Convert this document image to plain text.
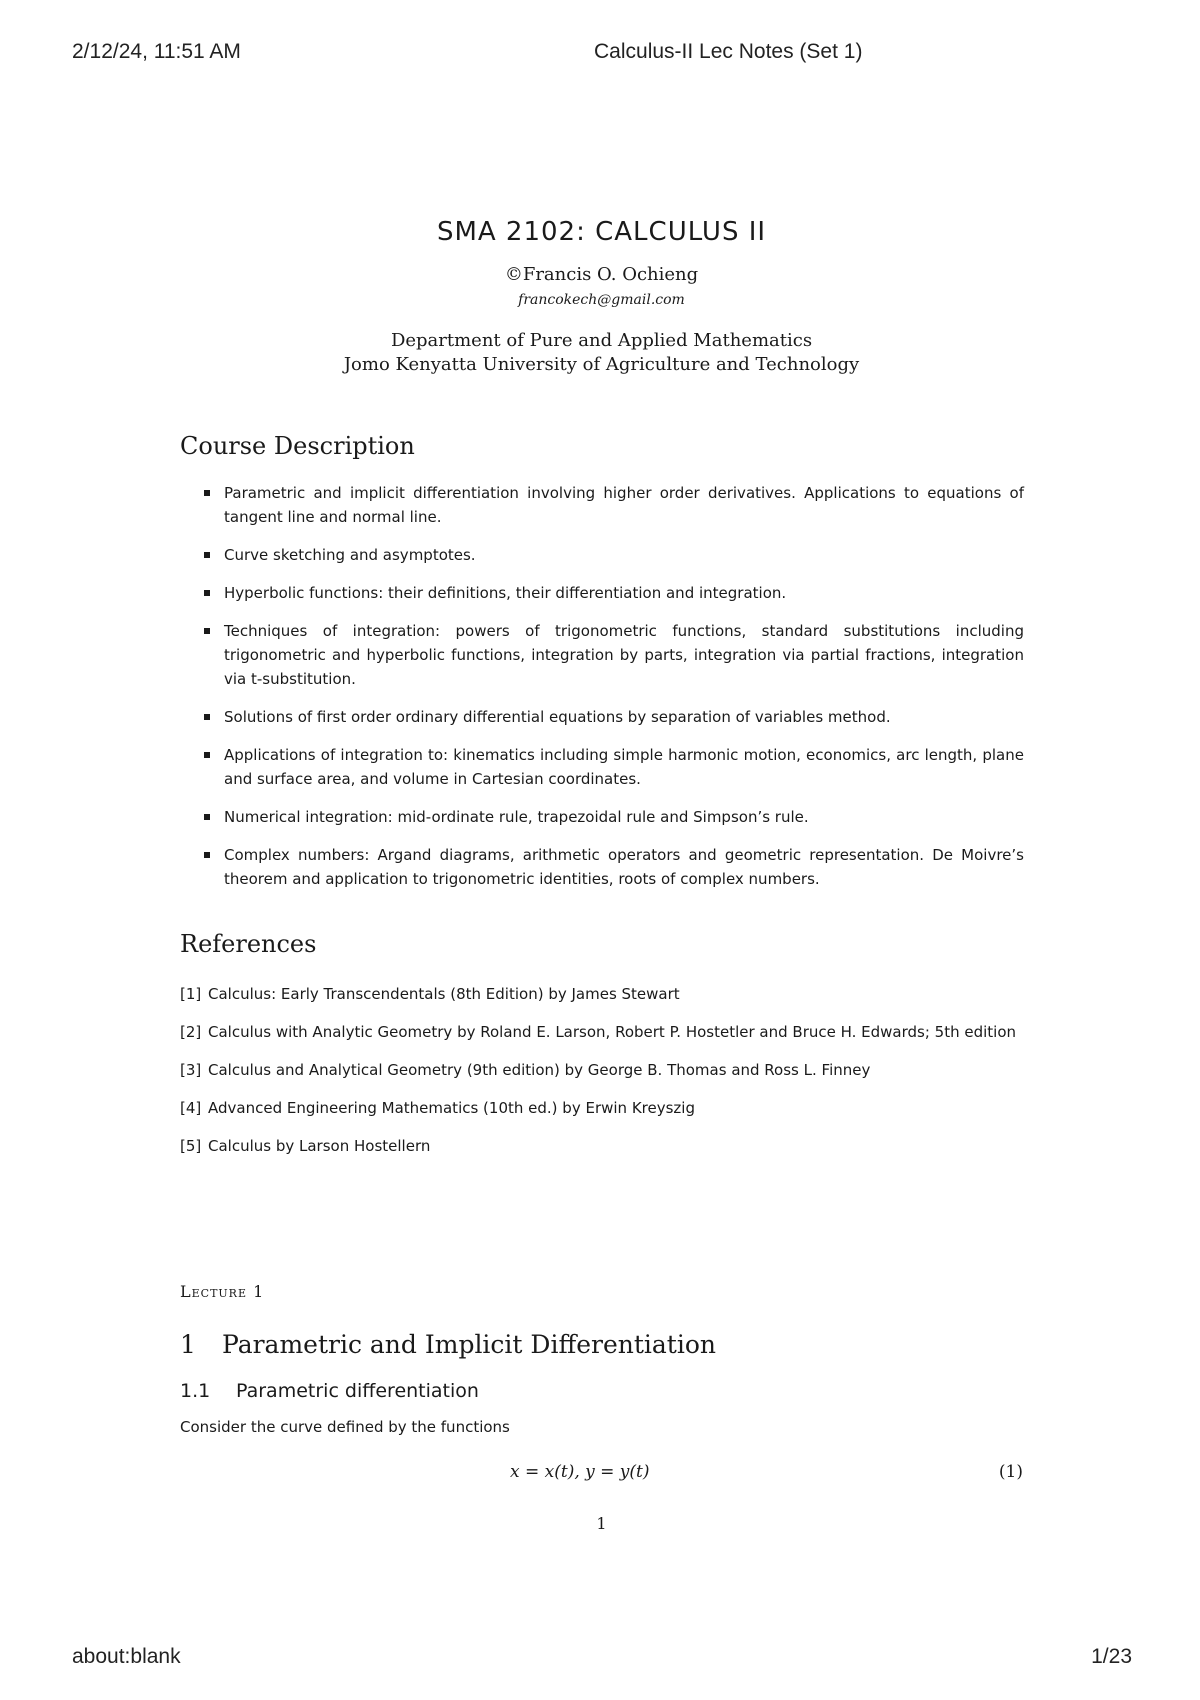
2/12/24, 11:51 AM	Calculus-II Lec Notes (Set 1)
SMA 2102: CALCULUS II
©Francis O. Ochieng
francokech@gmail.com
Department of Pure and Applied Mathematics
Jomo Kenyatta University of Agriculture and Technology
Course Description
Parametric and implicit differentiation involving higher order derivatives. Applications to equations of tangent line and normal line.
Curve sketching and asymptotes.
Hyperbolic functions: their definitions, their differentiation and integration.
Techniques of integration: powers of trigonometric functions, standard substitutions including trigonometric and hyperbolic functions, integration by parts, integration via partial fractions, integration via t-substitution.
Solutions of first order ordinary differential equations by separation of variables method.
Applications of integration to: kinematics including simple harmonic motion, economics, arc length, plane and surface area, and volume in Cartesian coordinates.
Numerical integration: mid-ordinate rule, trapezoidal rule and Simpson’s rule.
Complex numbers: Argand diagrams, arithmetic operators and geometric representation. De Moivre’s theorem and application to trigonometric identities, roots of complex numbers.
References
[1] Calculus: Early Transcendentals (8th Edition) by James Stewart
[2] Calculus with Analytic Geometry by Roland E. Larson, Robert P. Hostetler and Bruce H. Edwards; 5th edition
[3] Calculus and Analytical Geometry (9th edition) by George B. Thomas and Ross L. Finney
[4] Advanced Engineering Mathematics (10th ed.) by Erwin Kreyszig
[5] Calculus by Larson Hostellern
Lecture 1
1 Parametric and Implicit Differentiation
1.1 Parametric differentiation
Consider the curve defined by the functions
x = x(t), y = y(t)	(1)
1
about:blank	1/23
